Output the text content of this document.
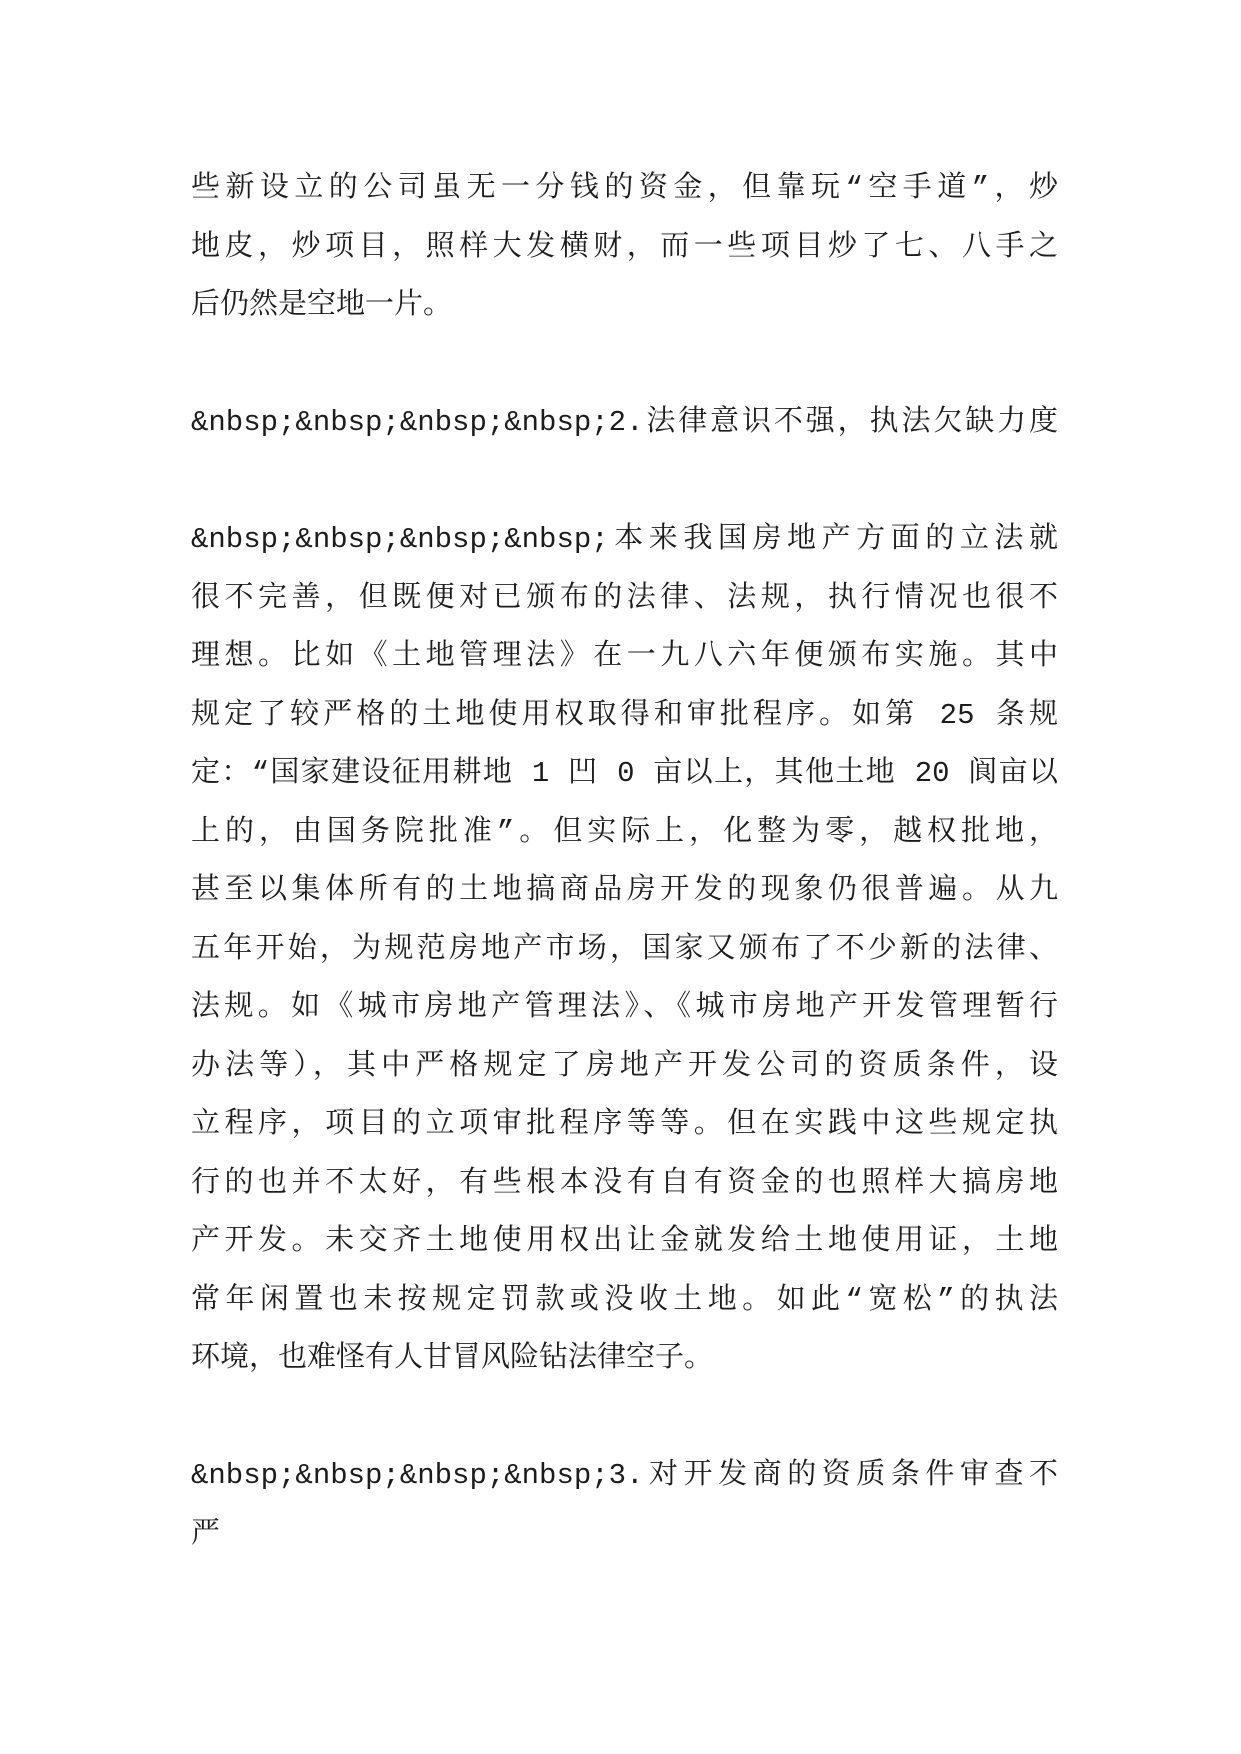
些新设立的公司虽无一分钱的资金，但靠玩“空手道”，炒
地皮，炒项目，照样大发横财，而一些项目炒了七、八手之
后仍然是空地一片。
&nbsp;&nbsp;&nbsp;&nbsp;2.法律意识不强，执法欠缺力度
&nbsp;&nbsp;&nbsp;&nbsp;本来我国房地产方面的立法就
很不完善，但既便对已颁布的法律、法规，执行情况也很不
理想。比如《土地管理法》在一九八六年便颁布实施。其中
规定了较严格的土地使用权取得和审批程序。如第 25 条规
定：“国家建设征用耕地 1 凹 0 亩以上，其他土地 20 阆亩以
上的，由国务院批准”。但实际上，化整为零，越权批地，
甚至以集体所有的土地搞商品房开发的现象仍很普遍。从九
五年开始，为规范房地产市场，国家又颁布了不少新的法律、
法规。如《城市房地产管理法》、《城市房地产开发管理暂行
办法等），其中严格规定了房地产开发公司的资质条件，设
立程序，项目的立项审批程序等等。但在实践中这些规定执
行的也并不太好，有些根本没有自有资金的也照样大搞房地
产开发。未交齐土地使用权出让金就发给土地使用证，土地
常年闲置也未按规定罚款或没收土地。如此“宽松”的执法
环境，也难怪有人甘冒风险钻法律空子。
&nbsp;&nbsp;&nbsp;&nbsp;3.对开发商的资质条件审查不
严
